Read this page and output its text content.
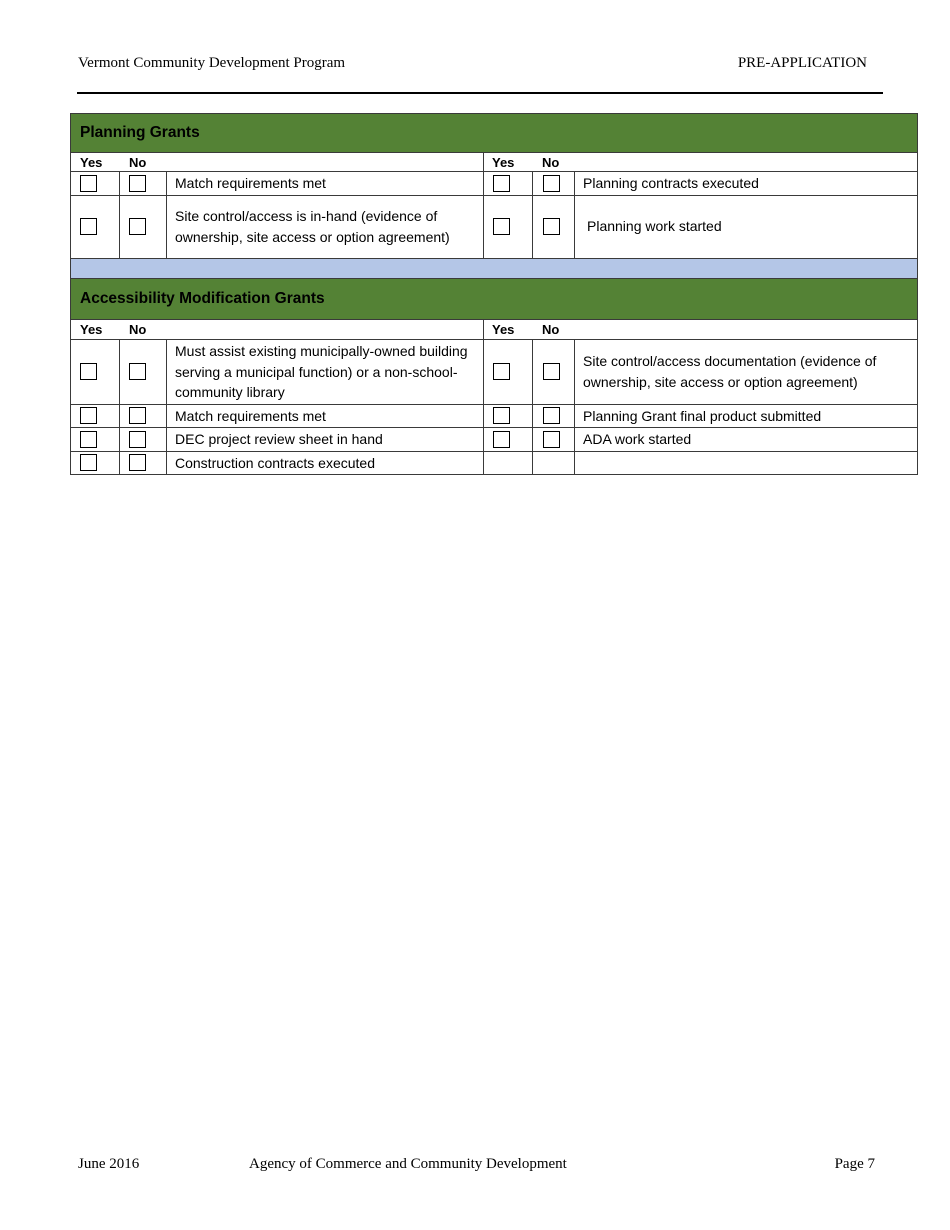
Vermont Community Development Program	PRE-APPLICATION
Planning Grants					
Yes No			Yes No		

	Match requirements met			Planning contracts executed

	Site control/access is in-hand (evidence of ownership, site access or option agreement)			Planning work started

Accessibility Modification Grants					
Yes No			Yes No		

	Must assist existing municipally-owned building serving a municipal function) or a non-school-community library			Site control/access documentation (evidence of ownership, site access or option agreement)

	Match requirements met			Planning Grant final product submitted

	DEC project review sheet in hand			ADA work started

	Construction contracts executed			
June 2016	Agency of Commerce and Community Development	Page 7
